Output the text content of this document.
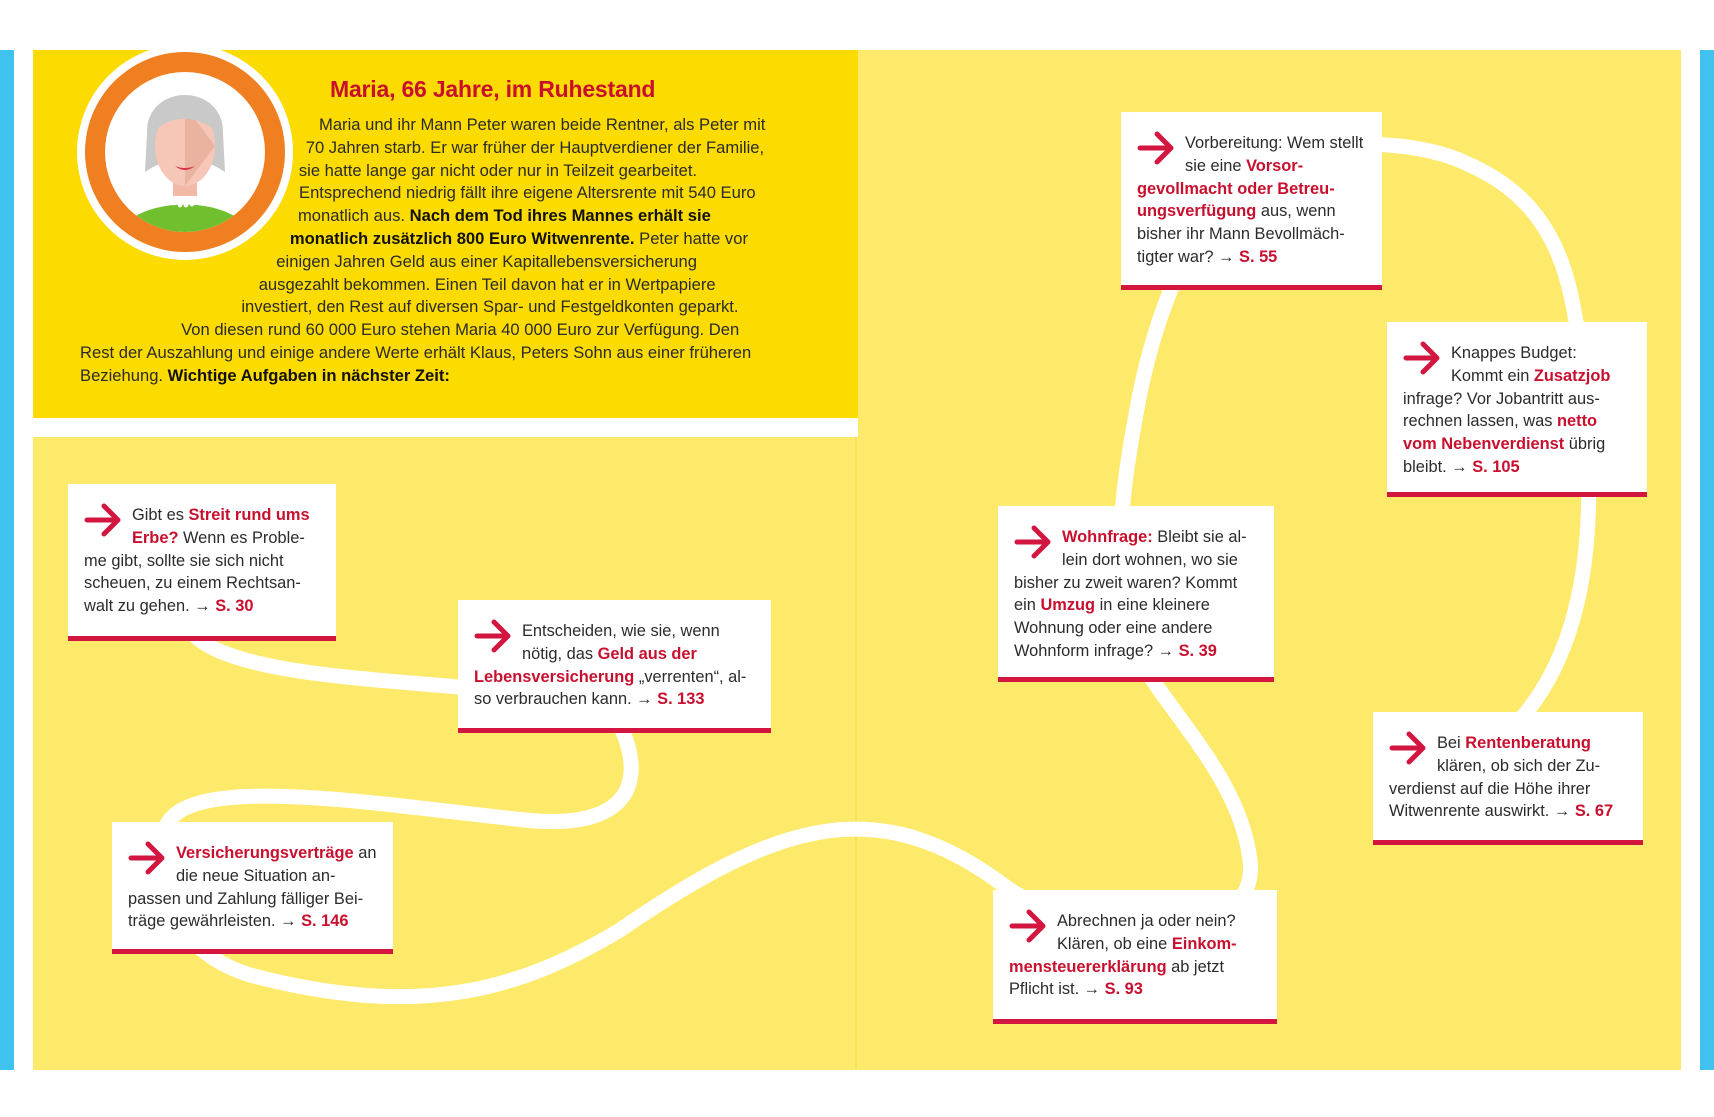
Maria, 66 Jahre, im Ruhestand
Maria und ihr Mann Peter waren beide Rentner, als Peter mit 70 Jahren starb. Er war früher der Hauptverdiener der Familie, sie hatte lange gar nicht oder nur in Teilzeit gearbeitet. Entsprechend niedrig fällt ihre eigene Altersrente mit 540 Euro monatlich aus. Nach dem Tod ihres Mannes erhält sie monatlich zusätzlich 800 Euro Witwenrente. Peter hatte vor einigen Jahren Geld aus einer Kapitallebensversicherung ausgezahlt bekommen. Einen Teil davon hat er in Wertpapiere investiert, den Rest auf diversen Spar- und Festgeldkonten geparkt. Von diesen rund 60 000 Euro stehen Maria 40 000 Euro zur Verfügung. Den Rest der Auszahlung und einige andere Werte erhält Klaus, Peters Sohn aus einer früheren Beziehung. Wichtige Aufgaben in nächster Zeit:
Gibt es Streit rund ums Erbe? Wenn es Probleme gibt, sollte sie sich nicht scheuen, zu einem Rechtsanwalt zu gehen. → S. 30
Entscheiden, wie sie, wenn nötig, das Geld aus der Lebensversicherung „verrenten“, also verbrauchen kann. → S. 133
Versicherungsverträge an die neue Situation anpassen und Zahlung fälliger Beiträge gewährleisten. → S. 146
Vorbereitung: Wem stellt sie eine Vorsorgevollmacht oder Betreuungsverfügung aus, wenn bisher ihr Mann Bevollmächtigter war? → S. 55
Wohnfrage: Bleibt sie allein dort wohnen, wo sie bisher zu zweit waren? Kommt ein Umzug in eine kleinere Wohnung oder eine andere Wohnform infrage? → S. 39
Abrechnen ja oder nein? Klären, ob eine Einkommensteuererklärung ab jetzt Pflicht ist. → S. 93
Knappes Budget: Kommt ein Zusatzjob infrage? Vor Jobantritt ausrechnen lassen, was netto vom Nebenverdienst übrig bleibt. → S. 105
Bei Rentenberatung klären, ob sich der Zuverdienst auf die Höhe ihrer Witwenrente auswirkt. → S. 67
